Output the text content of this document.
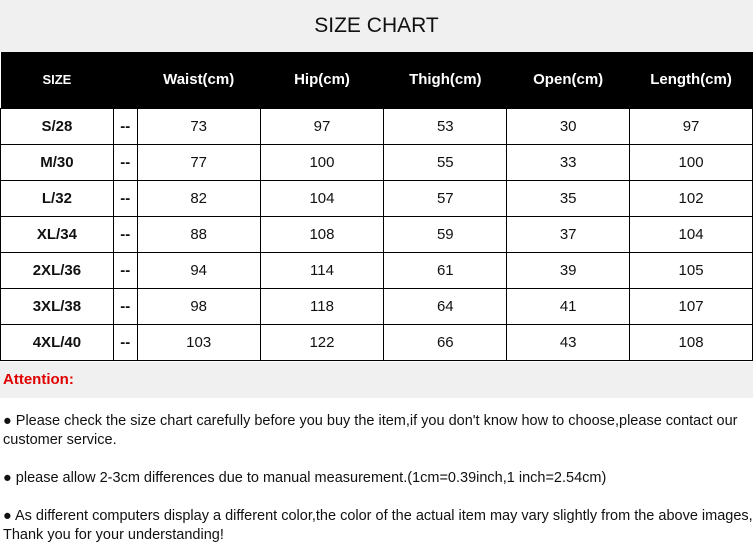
SIZE CHART
SIZE		Waist(cm)	Hip(cm)	Thigh(cm)	Open(cm)	Length(cm)
S/28	--	73	97	53	30	97
M/30	--	77	100	55	33	100
L/32	--	82	104	57	35	102
XL/34	--	88	108	59	37	104
2XL/36	--	94	114	61	39	105
3XL/38	--	98	118	64	41	107
4XL/40	--	103	122	66	43	108
Attention:
● Please check the size chart carefully before you buy the item,if you don't know how to choose,please contact our customer service.
● please allow 2-3cm differences due to manual measurement.(1cm=0.39inch,1 inch=2.54cm)
● As different computers display a different color,the color of the actual item may vary slightly from the above images, Thank you for your understanding!
